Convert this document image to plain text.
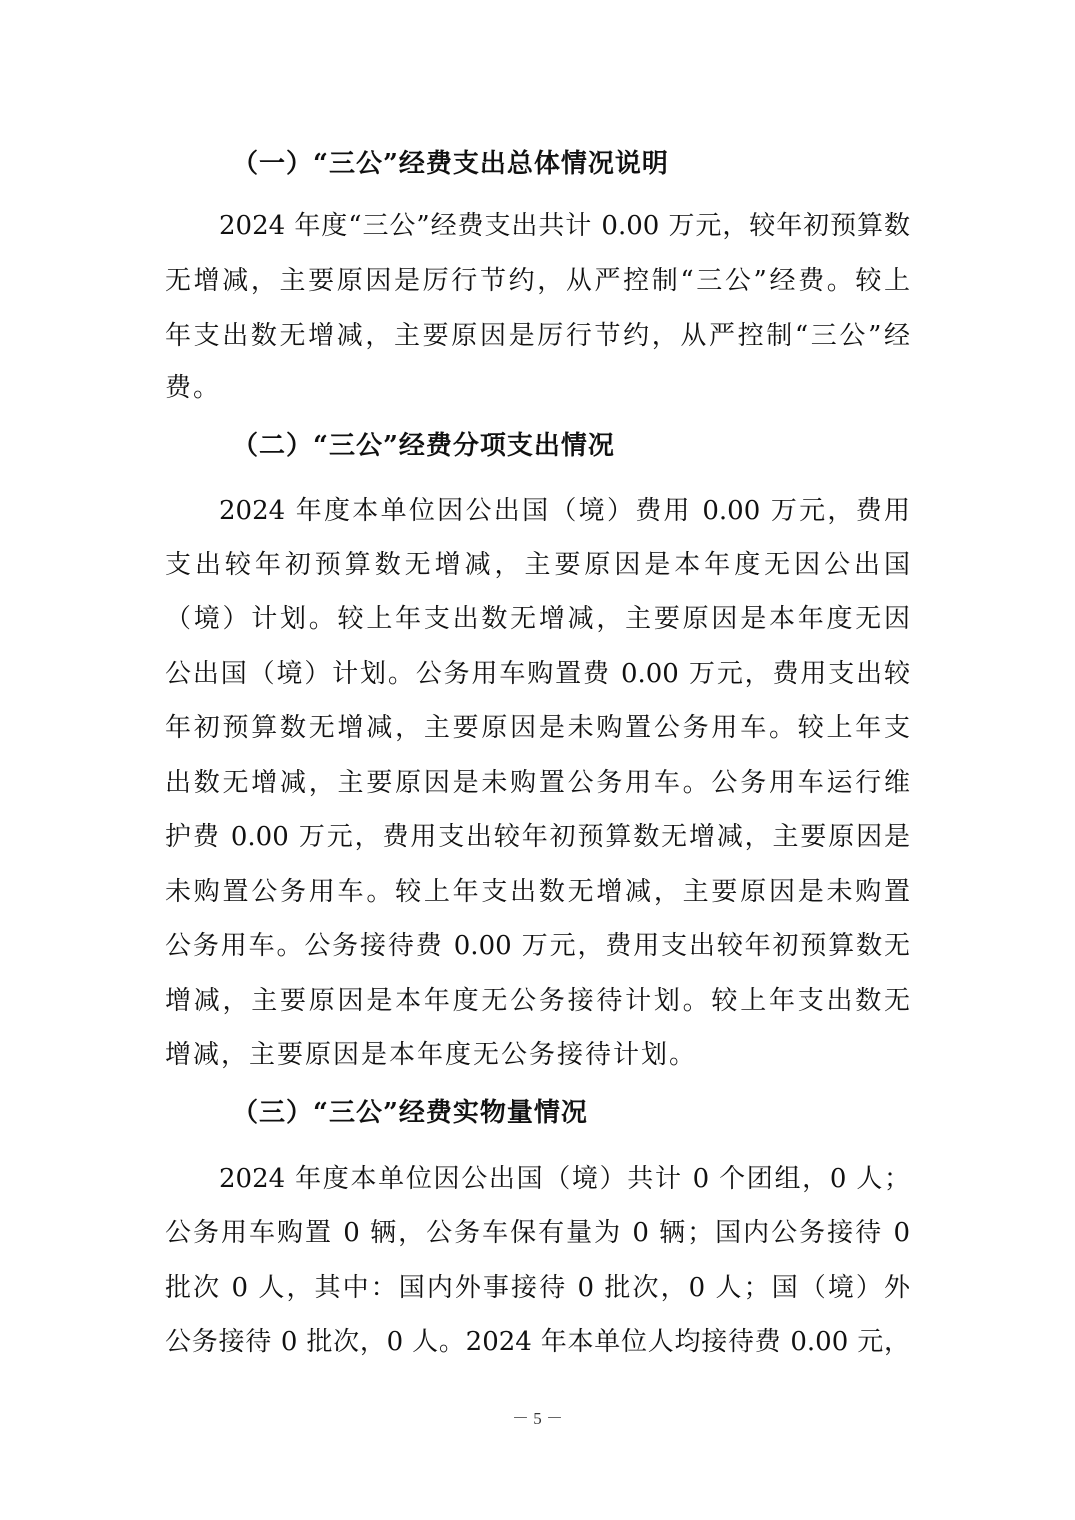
（一）“三公”经费支出总体情况说明
2024 年度“三公”经费支出共计 0.00 万元，较年初预算数
无增减，主要原因是厉行节约，从严控制“三公”经费。较上
年支出数无增减，主要原因是厉行节约，从严控制“三公”经
费。
（二）“三公”经费分项支出情况
2024 年度本单位因公出国（境）费用 0.00 万元，费用
支出较年初预算数无增减，主要原因是本年度无因公出国
（境）计划。较上年支出数无增减，主要原因是本年度无因
公出国（境）计划。公务用车购置费 0.00 万元，费用支出较
年初预算数无增减，主要原因是未购置公务用车。较上年支
出数无增减，主要原因是未购置公务用车。公务用车运行维
护费 0.00 万元，费用支出较年初预算数无增减，主要原因是
未购置公务用车。较上年支出数无增减，主要原因是未购置
公务用车。公务接待费 0.00 万元，费用支出较年初预算数无
增减，主要原因是本年度无公务接待计划。较上年支出数无
增减，主要原因是本年度无公务接待计划。
（三）“三公”经费实物量情况
2024 年度本单位因公出国（境）共计 0 个团组，0 人；
公务用车购置 0 辆，公务车保有量为 0 辆；国内公务接待 0
批次 0 人，其中：国内外事接待 0 批次，0 人；国（境）外
公务接待 0 批次，0 人。2024 年本单位人均接待费 0.00 元，
－ 5 －
